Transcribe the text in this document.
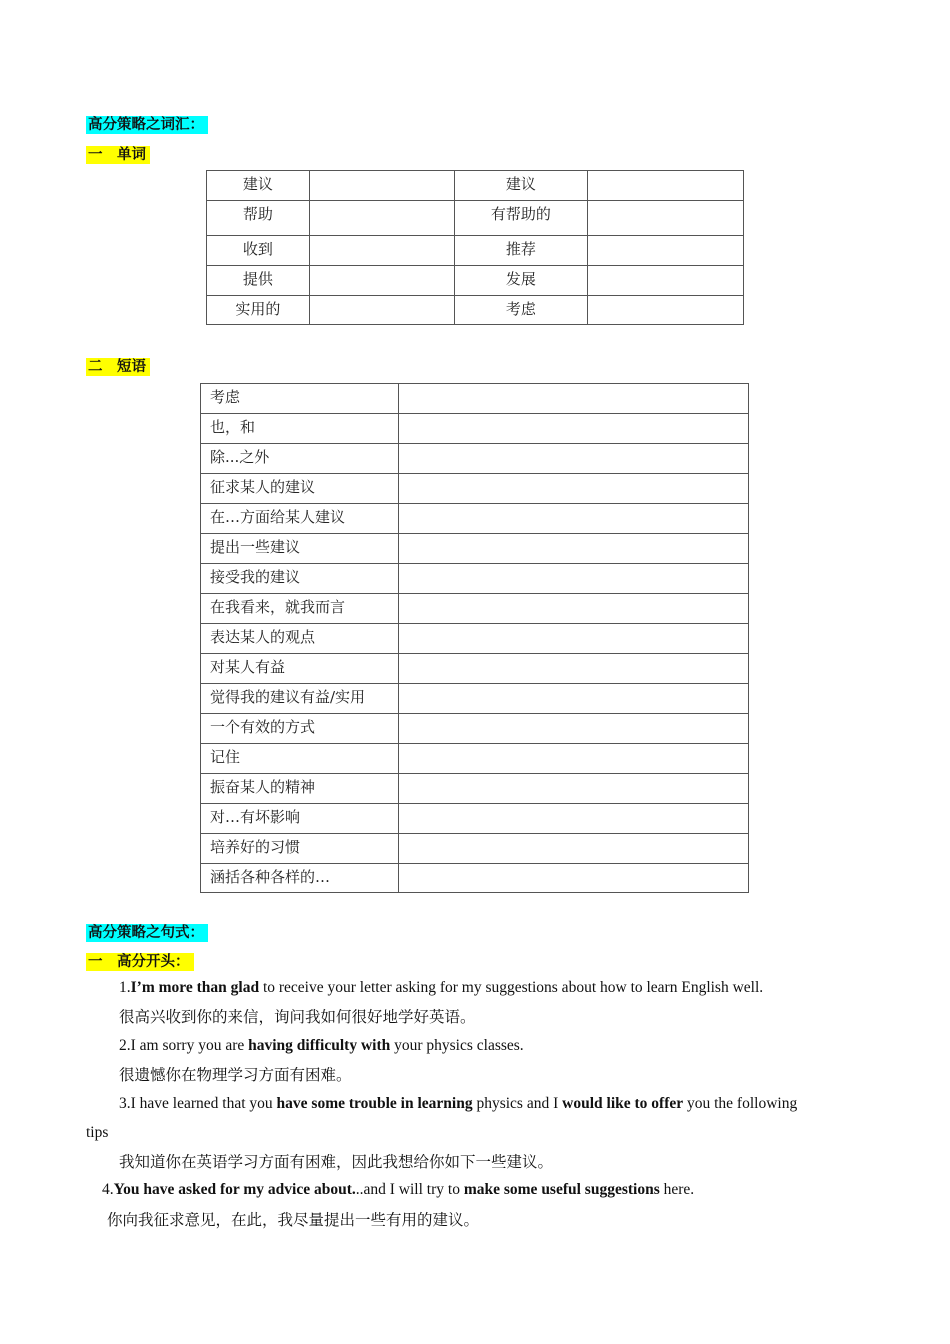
高分策略之词汇：
一　单词
建议		建议	
帮助		有帮助的	
收到		推荐	
提供		发展	
实用的		考虑	
二　短语
考虑	
也，和	
除...之外	
征求某人的建议	
在…方面给某人建议	
提出一些建议	
接受我的建议	
在我看来，就我而言	
表达某人的观点	
对某人有益	
觉得我的建议有益/实用	
一个有效的方式	
记住	
振奋某人的精神	
对…有坏影响	
培养好的习惯	
涵括各种各样的…	
高分策略之句式：
一　高分开头：
1.I’m more than glad to receive your letter asking for my suggestions about how to learn English well.
很高兴收到你的来信，询问我如何很好地学好英语。
2.I am sorry you are having difficulty with your physics classes.
很遗憾你在物理学习方面有困难。
3.I have learned that you have some trouble in learning physics and I would like to offer you the following
tips
我知道你在英语学习方面有困难，因此我想给你如下一些建议。
4.You have asked for my advice about...and I will try to make some useful suggestions here.
你向我征求意见，在此，我尽量提出一些有用的建议。
